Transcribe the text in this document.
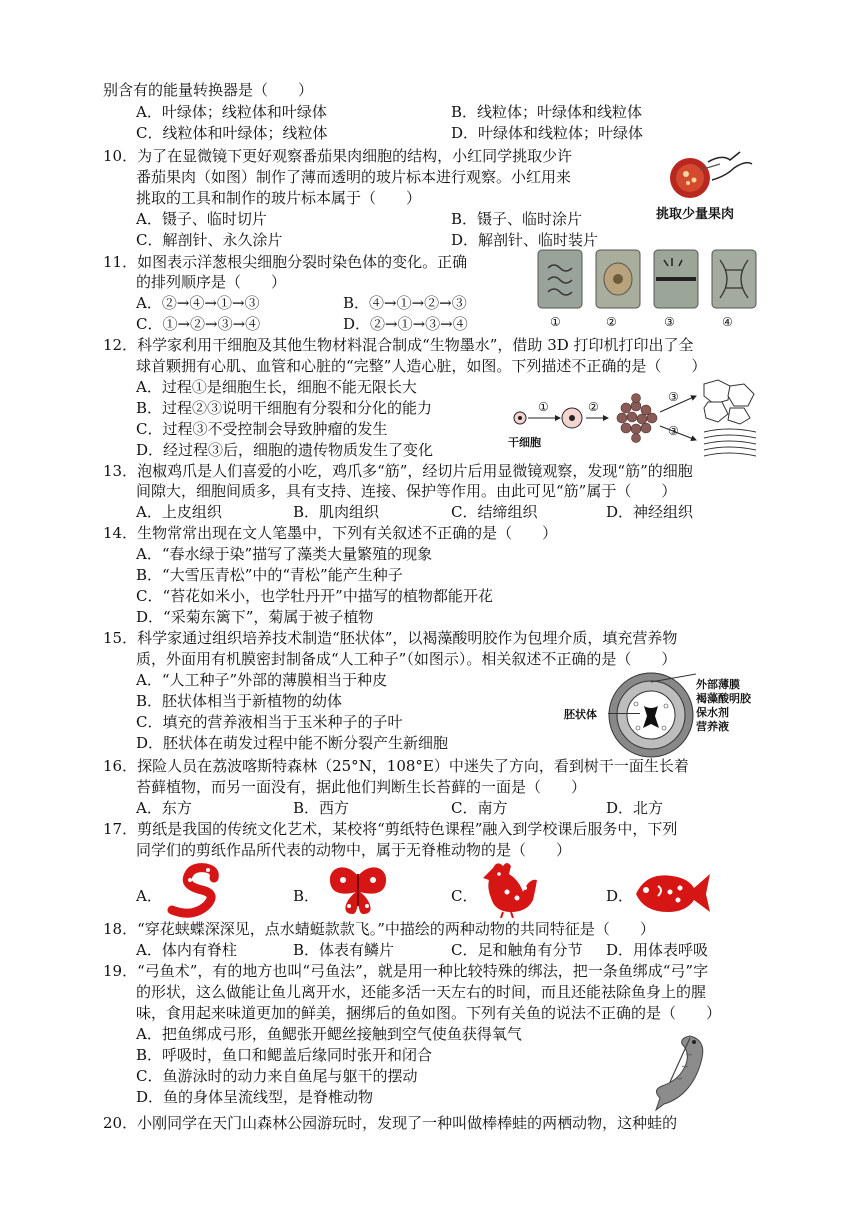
别含有的能量转换器是（　　）
A．叶绿体；线粒体和叶绿体	B．线粒体；叶绿体和线粒体
C．线粒体和叶绿体；线粒体	D．叶绿体和线粒体；叶绿体
10．为了在显微镜下更好观察番茄果肉细胞的结构，小红同学挑取少许
番茄果肉（如图）制作了薄而透明的玻片标本进行观察。小红用来
挑取的工具和制作的玻片标本属于（　　）
A．镊子、临时切片	B．镊子、临时涂片
C．解剖针、永久涂片	D．解剖针、临时装片
挑取少量果肉
11．如图表示洋葱根尖细胞分裂时染色体的变化。正确
的排列顺序是（　　）
A．②→④→①→③	B．④→①→②→③
C．①→②→③→④	D．②→①→③→④	①	②	③	④
12．科学家利用干细胞及其他生物材料混合制成“生物墨水”，借助 3D 打印机打印出了全
球首颗拥有心肌、血管和心脏的“完整”人造心脏，如图。下列描述不正确的是（　　）
A．过程①是细胞生长，细胞不能无限长大
B．过程②③说明干细胞有分裂和分化的能力
C．过程③不受控制会导致肿瘤的发生
D．经过程③后，细胞的遗传物质发生了变化
①	②
③
③
干细胞
13．泡椒鸡爪是人们喜爱的小吃，鸡爪多“筋”，经切片后用显微镜观察，发现“筋”的细胞
间隙大，细胞间质多，具有支持、连接、保护等作用。由此可见“筋”属于（　　）
A．上皮组织	B．肌肉组织	C．结缔组织	D．神经组织
14．生物常常出现在文人笔墨中，下列有关叙述不正确的是（　　）
A．“春水绿于染”描写了藻类大量繁殖的现象
B．“大雪压青松”中的“青松”能产生种子
C．“苔花如米小，也学牡丹开”中描写的植物都能开花
D．“采菊东篱下”，菊属于被子植物
15．科学家通过组织培养技术制造“胚状体”，以褐藻酸明胶作为包埋介质，填充营养物
质，外面用有机膜密封制备成“人工种子”（如图示）。相关叙述不正确的是（　　）
A．“人工种子”外部的薄膜相当于种皮
B．胚状体相当于新植物的幼体
C．填充的营养液相当于玉米种子的子叶
D．胚状体在萌发过程中能不断分裂产生新细胞
胚状体
外部薄膜
褐藻酸明胶
保水剂
营养液
16．探险人员在荔波喀斯特森林（25°N，108°E）中迷失了方向，看到树干一面生长着
苔藓植物，而另一面没有，据此他们判断生长苔藓的一面是（　　）
A．东方	B．西方	C．南方	D．北方
17．剪纸是我国的传统文化艺术，某校将“剪纸特色课程”融入到学校课后服务中，下列
同学们的剪纸作品所代表的动物中，属于无脊椎动物的是（　　）
A．	B．	C．	D．
18．“穿花蛱蝶深深见，点水蜻蜓款款飞。”中描绘的两种动物的共同特征是（　　）
A．体内有脊柱	B．体表有鳞片	C．足和触角有分节 D．用体表呼吸
19．“弓鱼术”，有的地方也叫“弓鱼法”，就是用一种比较特殊的绑法，把一条鱼绑成“弓”字
的形状，这么做能让鱼儿离开水，还能多活一天左右的时间，而且还能祛除鱼身上的腥
味，食用起来味道更加的鲜美，捆绑后的鱼如图。下列有关鱼的说法不正确的是（　　）
A．把鱼绑成弓形，鱼鳃张开鳃丝接触到空气使鱼获得氧气
B．呼吸时，鱼口和鳃盖后缘同时张开和闭合
C．鱼游泳时的动力来自鱼尾与躯干的摆动
D．鱼的身体呈流线型，是脊椎动物
20．小刚同学在天门山森林公园游玩时，发现了一种叫做棒棒蛙的两栖动物，这种蛙的
